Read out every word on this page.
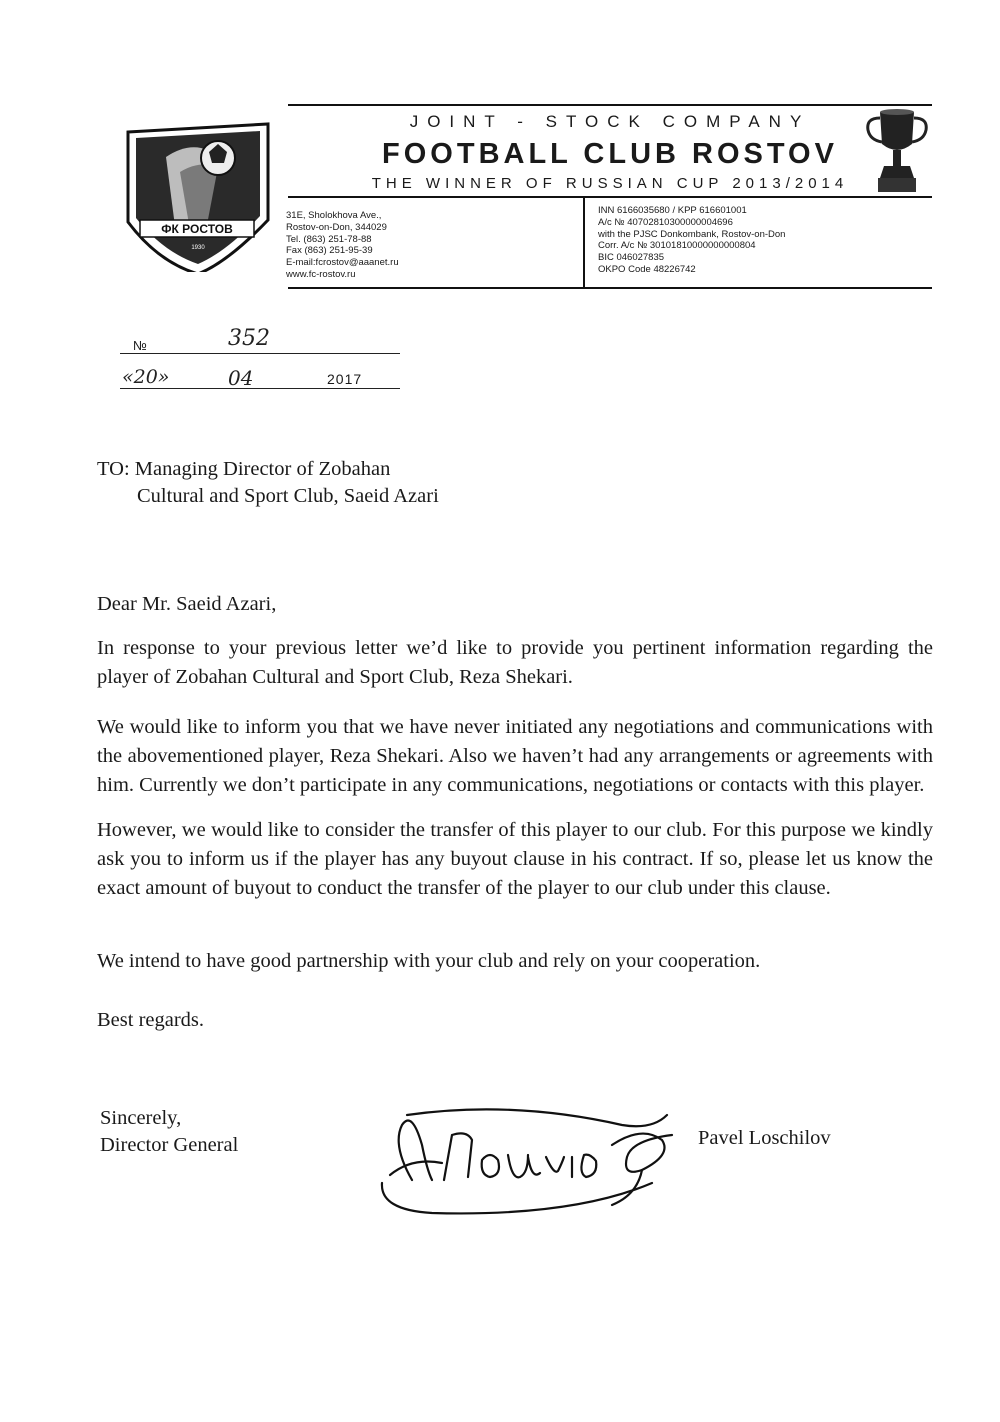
ФК РОСТОВ
1930
JOINT - STOCK COMPANY
FOOTBALL CLUB ROSTOV
THE WINNER OF RUSSIAN CUP 2013/2014
31E, Sholokhova Ave.,
Rostov-on-Don, 344029
Tel. (863) 251-78-88
Fax (863) 251-95-39
E-mail:fcrostov@aaanet.ru
www.fc-rostov.ru
INN 6166035680 / KPP 616601001
A/c № 40702810300000004696
with the PJSC Donkombank, Rostov-on-Don
Corr. A/c № 30101810000000000804
BIC 046027835
OKPO Code 48226742
№	352
«20»	04	2017
TO: Managing Director of Zobahan
Cultural and Sport Club, Saeid Azari
Dear Mr. Saeid Azari,

In response to your previous letter we’d like to provide you pertinent information regarding the player of Zobahan Cultural and Sport Club, Reza Shekari.

We would like to inform you that we have never initiated any negotiations and communications with the abovementioned player, Reza Shekari. Also we haven’t had any arrangements or agreements with him. Currently we don’t participate in any communications, negotiations or contacts with this player.

However, we would like to consider the transfer of this player to our club. For this purpose we kindly ask you to inform us if the player has any buyout clause in his contract. If so, please let us know the exact amount of buyout to conduct the transfer of the player to our club under this clause.

We intend to have good partnership with your club and rely on your cooperation.
Best regards.
Sincerely,
Director General	Pavel Loschilov
